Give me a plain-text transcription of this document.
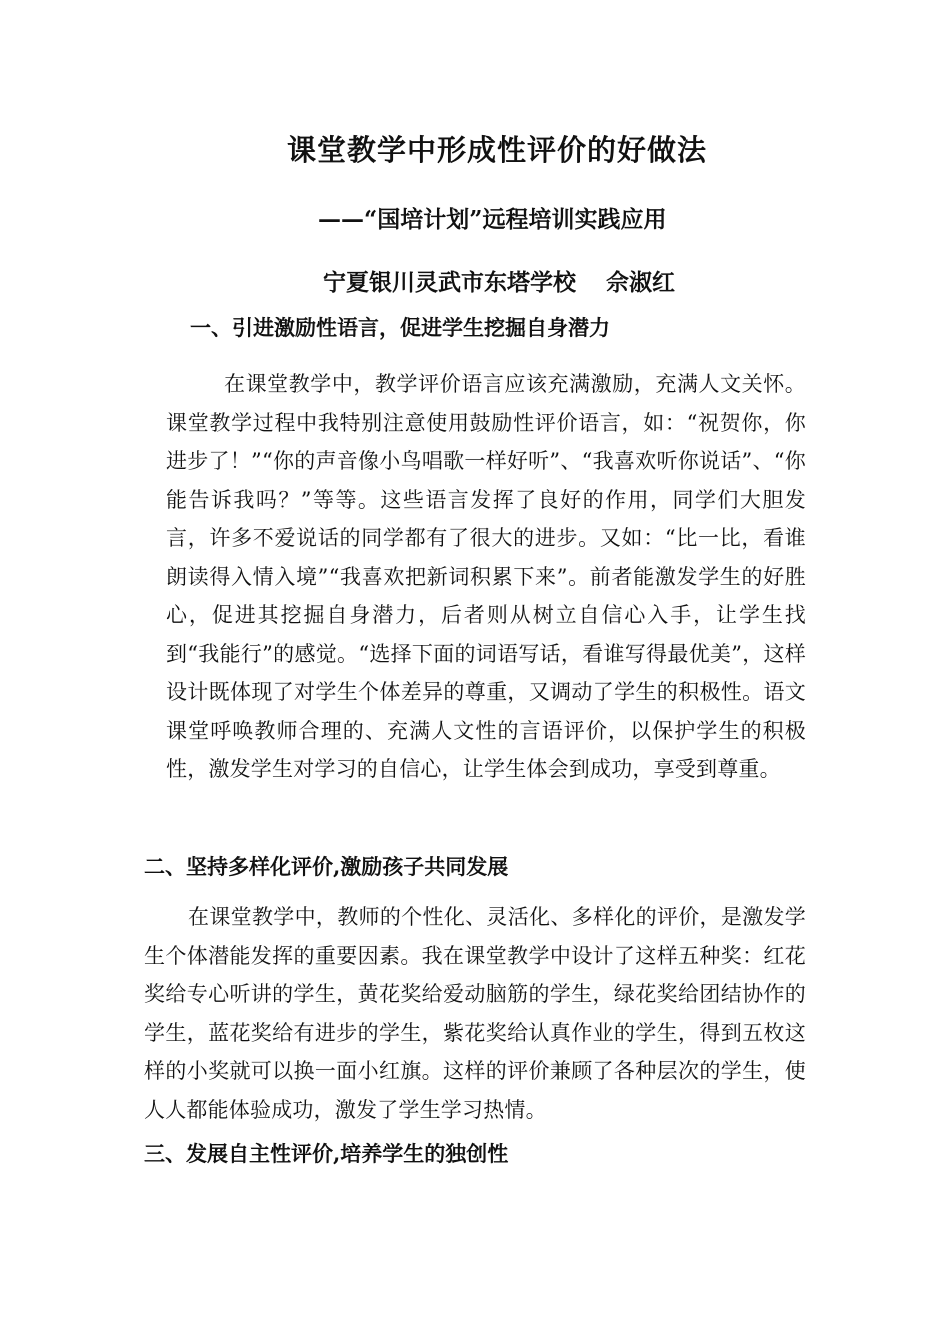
课堂教学中形成性评价的好做法
——“国培计划”远程培训实践应用
宁夏银川灵武市东塔学校 佘淑红
一、引进激励性语言，促进学生挖掘自身潜力
在课堂教学中，教学评价语言应该充满激励，充满人文关怀。课堂教学过程中我特别注意使用鼓励性评价语言，如：“祝贺你，你进步了！”“你的声音像小鸟唱歌一样好听”、“我喜欢听你说话”、“你能告诉我吗？”等等。这些语言发挥了良好的作用，同学们大胆发言，许多不爱说话的同学都有了很大的进步。又如：“比一比，看谁朗读得入情入境”“我喜欢把新词积累下来”。前者能激发学生的好胜心，促进其挖掘自身潜力，后者则从树立自信心入手，让学生找到“我能行”的感觉。“选择下面的词语写话，看谁写得最优美”，这样设计既体现了对学生个体差异的尊重，又调动了学生的积极性。语文课堂呼唤教师合理的、充满人文性的言语评价，以保护学生的积极性，激发学生对学习的自信心，让学生体会到成功，享受到尊重。
二、坚持多样化评价,激励孩子共同发展
在课堂教学中，教师的个性化、灵活化、多样化的评价，是激发学生个体潜能发挥的重要因素。我在课堂教学中设计了这样五种奖：红花奖给专心听讲的学生，黄花奖给爱动脑筋的学生，绿花奖给团结协作的学生，蓝花奖给有进步的学生，紫花奖给认真作业的学生，得到五枚这样的小奖就可以换一面小红旗。这样的评价兼顾了各种层次的学生，使人人都能体验成功，激发了学生学习热情。
三、发展自主性评价,培养学生的独创性
